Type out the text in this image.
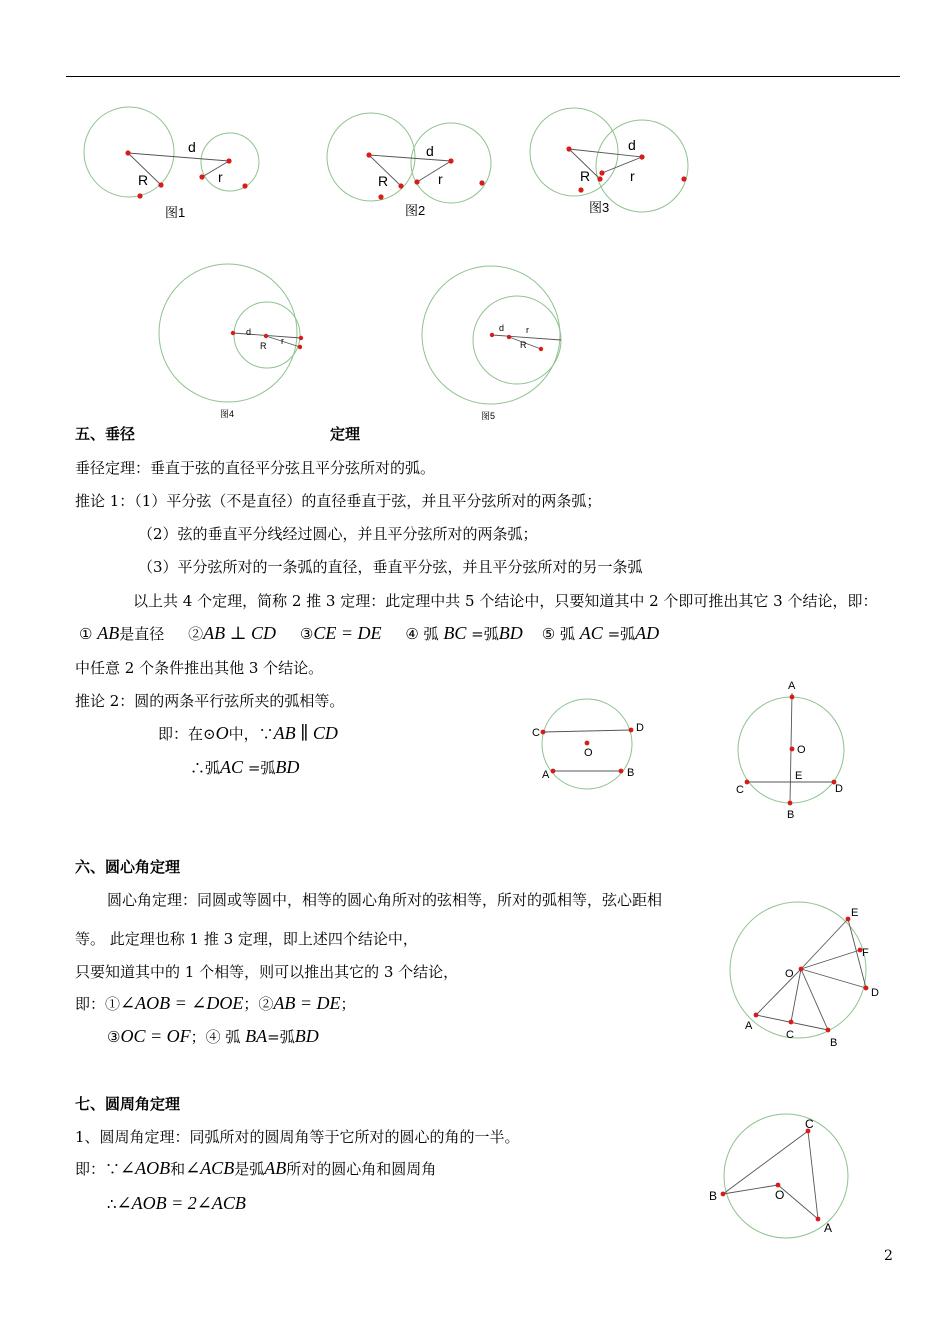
d
R	r
图1
d
R	r
图2
d
R	r
图3
d
R r
图4
d r
R
图5
五、垂径	定理
垂径定理：垂直于弦的直径平分弦且平分弦所对的弧。
推论 1：（1）平分弦（不是直径）的直径垂直于弦，并且平分弦所对的两条弧；
（2）弦的垂直平分线经过圆心，并且平分弦所对的两条弧；
（3）平分弦所对的一条弧的直径，垂直平分弦，并且平分弦所对的另一条弧
以上共 4 个定理，简称 2 推 3 定理：此定理中共 5 个结论中，只要知道其中 2 个即可推出其它 3 个结论，即：
① AB是直径 ②AB ⊥ CD ③CE = DE ④ 弧 BC =弧BD ⑤ 弧 AC =弧AD
中任意 2 个条件推出其他 3 个结论。
推论 2：圆的两条平行弦所夹的弧相等。
即：在⊙O中，∵AB ∥ CD
∴弧AC =弧BD
C	D
O
A	B
A
O
E
C	D
B
六、圆心角定理
圆心角定理：同圆或等圆中，相等的圆心角所对的弦相等，所对的弧相等，弦心距相
等。 此定理也称 1 推 3 定理，即上述四个结论中，
只要知道其中的 1 个相等，则可以推出其它的 3 个结论，
即：①∠AOB = ∠DOE；②AB = DE；
③OC = OF；④ 弧 BA=弧BD
E
F
O
D
A
C
B
七、圆周角定理
1、圆周角定理：同弧所对的圆周角等于它所对的圆心的角的一半。
即：∵∠AOB和∠ACB是弧AB所对的圆心角和圆周角
∴∠AOB = 2∠ACB
C
B	O
A
2
